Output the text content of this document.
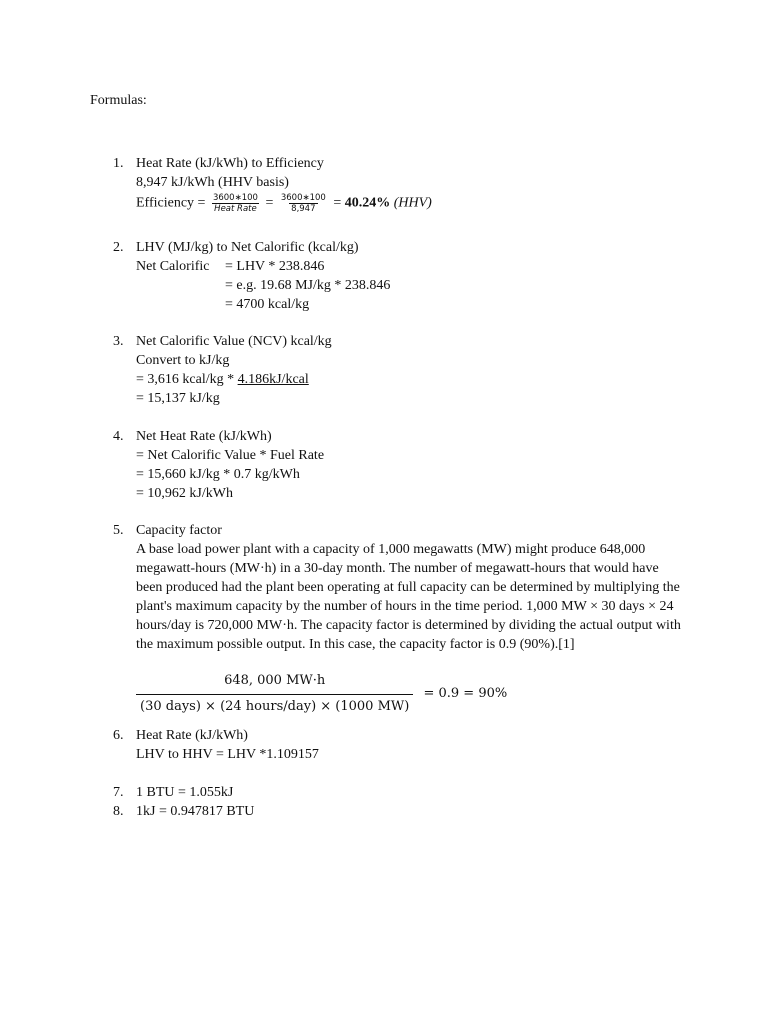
Formulas:
1. Heat Rate (kJ/kWh) to Efficiency
8,947 kJ/kWh (HHV basis)
Efficiency = $\frac{3600∗100}{\text{Heat Rate}} = \frac{3600∗100}{8,947} = 40.24\%$ (HHV)
2. LHV (MJ/kg) to Net Calorific (kcal/kg)
Net Calorific = LHV * 238.846
= e.g. 19.68 MJ/kg * 238.846
= 4700 kcal/kg
3. Net Calorific Value (NCV) kcal/kg
Convert to kJ/kg
= 3,616 kcal/kg * 4.186kJ/kcal
= 15,137 kJ/kg
4. Net Heat Rate (kJ/kWh)
= Net Calorific Value * Fuel Rate
= 15,660 kJ/kg * 0.7 kg/kWh
= 10,962 kJ/kWh
5. Capacity factor
A base load power plant with a capacity of 1,000 megawatts (MW) might produce 648,000
megawatt-hours (MW·h) in a 30-day month. The number of megawatt-hours that would have
been produced had the plant been operating at full capacity can be determined by multiplying the
plant's maximum capacity by the number of hours in the time period. 1,000 MW × 30 days × 24
hours/day is 720,000 MW·h. The capacity factor is determined by dividing the actual output with
the maximum possible output. In this case, the capacity factor is 0.9 (90%).[1]
$\frac{648, 000 MW\cdot h}{\text{(30 days) × (24 hours/day) × (1000 MW)}} = 0.9 = 90\%$
6. Heat Rate (kJ/kWh)
LHV to HHV = LHV *1.109157
7. 1 BTU = 1.055kJ
8. 1kJ = 0.947817 BTU
